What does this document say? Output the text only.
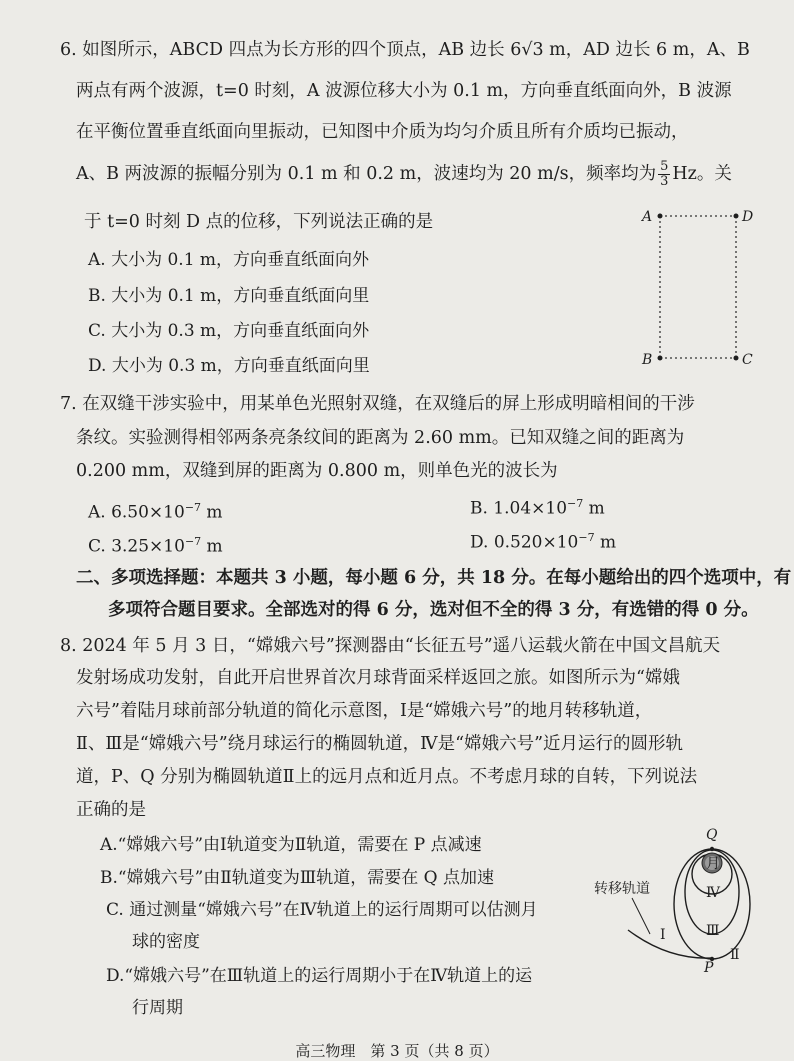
6. 如图所示，ABCD 四点为长方形的四个顶点，AB 边长 6√3 m，AD 边长 6 m，A、B
两点有两个波源，t=0 时刻，A 波源位移大小为 0.1 m，方向垂直纸面向外，B 波源
在平衡位置垂直纸面向里振动，已知图中介质为均匀介质且所有介质均已振动，
A、B 两波源的振幅分别为 0.1 m 和 0.2 m，波速均为 20 m/s，频率均为 $\frac{5}{3}$ Hz。关
于 t=0 时刻 D 点的位移，下列说法正确的是
A. 大小为 0.1 m，方向垂直纸面向外
B. 大小为 0.1 m，方向垂直纸面向里
C. 大小为 0.3 m，方向垂直纸面向外
D. 大小为 0.3 m，方向垂直纸面向里
A	D
B	C
7. 在双缝干涉实验中，用某单色光照射双缝，在双缝后的屏上形成明暗相间的干涉
条纹。实验测得相邻两条亮条纹间的距离为 2.60 mm。已知双缝之间的距离为
0.200 mm，双缝到屏的距离为 0.800 m，则单色光的波长为
A. $6.50\times 10^{-7}$ m	B. $1.04\times 10^{-7}$ m
C. $3.25\times 10^{-7}$ m	D. $0.520\times 10^{-7}$ m
二、多项选择题：本题共 3 小题，每小题 6 分，共 18 分。在每小题给出的四个选项中，有
多项符合题目要求。全部选对的得 6 分，选对但不全的得 3 分，有选错的得 0 分。
8. 2024 年 5 月 3 日，“嫦娥六号”探测器由“长征五号”遥八运载火箭在中国文昌航天
发射场成功发射，自此开启世界首次月球背面采样返回之旅。如图所示为“嫦娥
六号”着陆月球前部分轨道的简化示意图，Ⅰ是“嫦娥六号”的地月转移轨道，
Ⅱ、Ⅲ是“嫦娥六号”绕月球运行的椭圆轨道，Ⅳ是“嫦娥六号”近月运行的圆形轨
道，P、Q 分别为椭圆轨道Ⅱ上的远月点和近月点。不考虑月球的自转，下列说法
正确的是
A.“嫦娥六号”由Ⅰ轨道变为Ⅱ轨道，需要在 P 点减速
B.“嫦娥六号”由Ⅱ轨道变为Ⅲ轨道，需要在 Q 点加速
C. 通过测量“嫦娥六号”在Ⅳ轨道上的运行周期可以估测月
球的密度
D.“嫦娥六号”在Ⅲ轨道上的运行周期小于在Ⅳ轨道上的运
行周期
月
Q
P
Ⅳ
Ⅲ
Ⅱ
Ⅰ
转移轨道
高三物理　第 3 页（共 8 页）
